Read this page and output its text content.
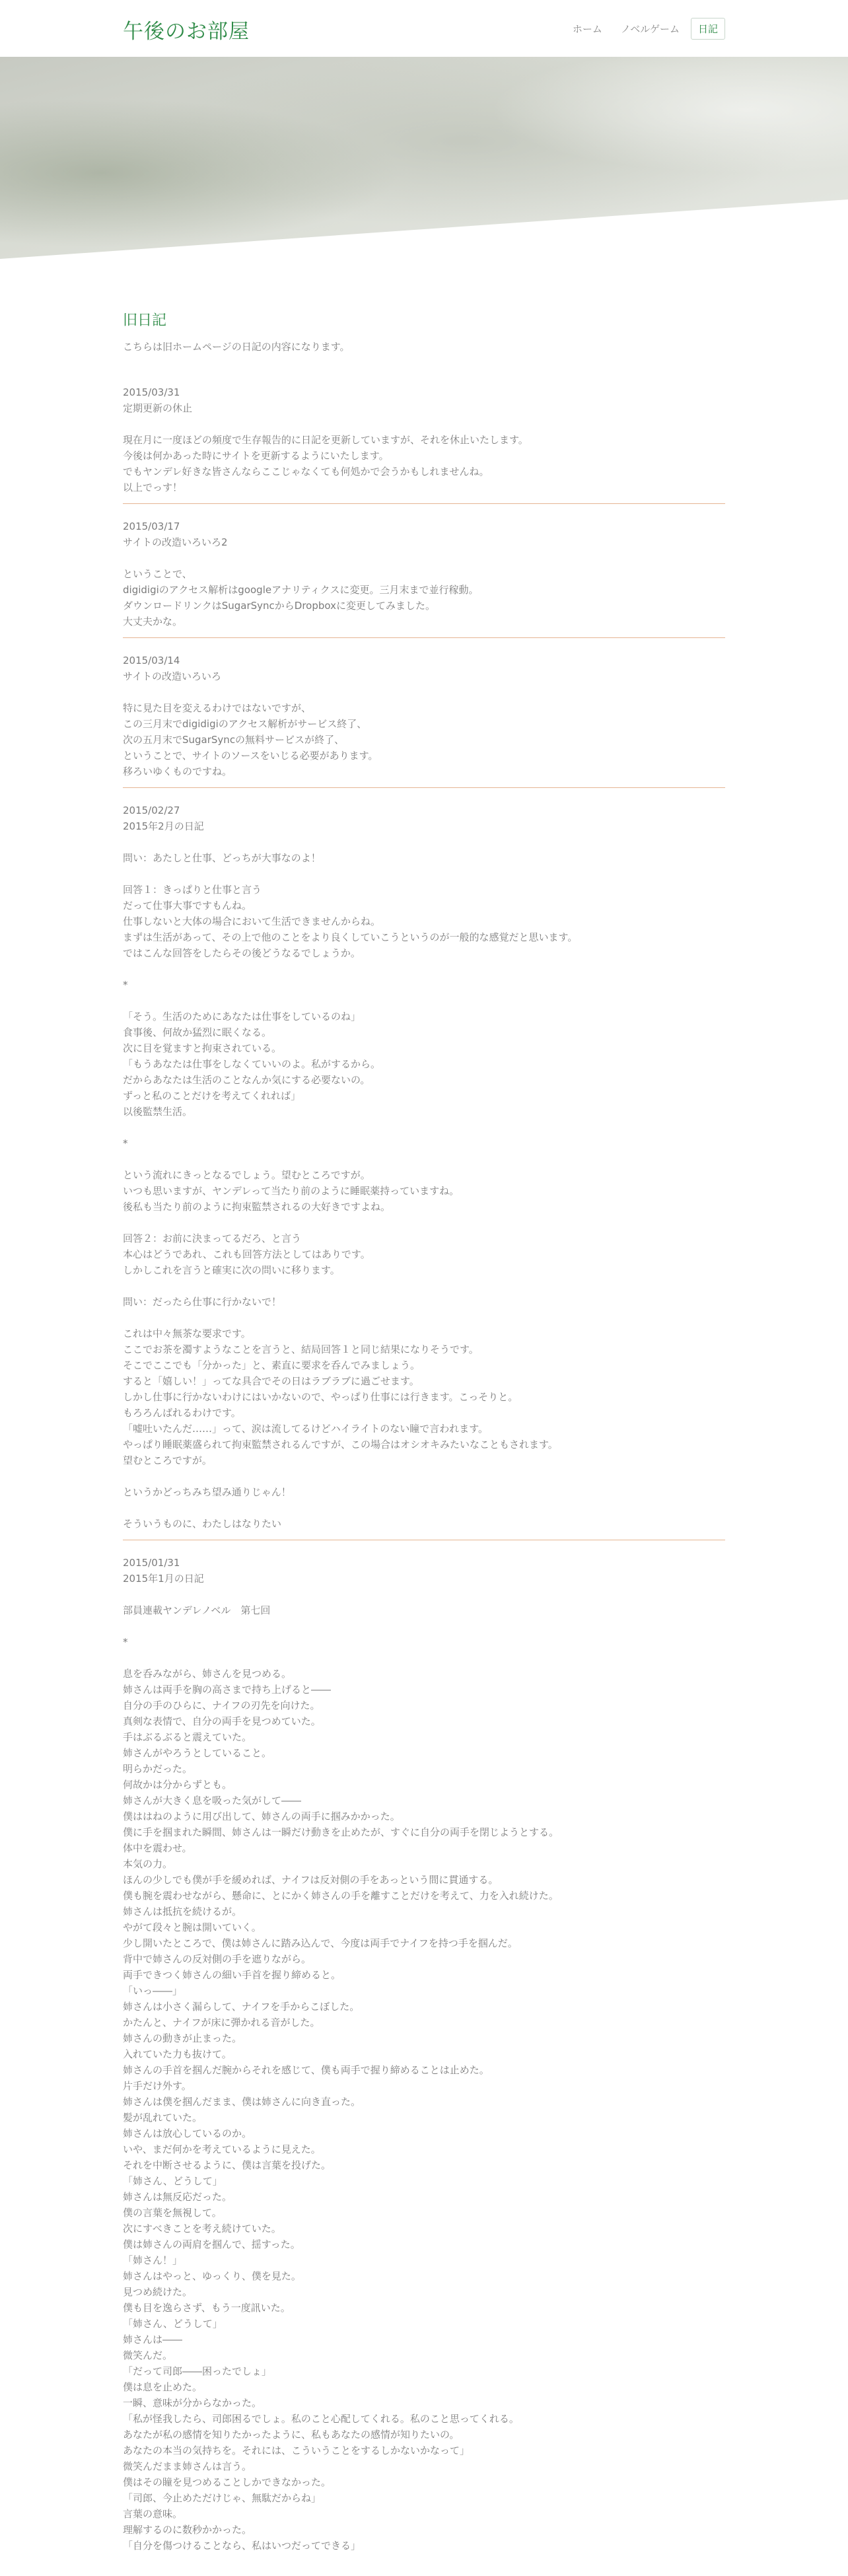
午後のお部屋	ホーム	ノベルゲーム	日記
旧日記

こちらは旧ホームページの日記の内容になります。

2015/03/31
定期更新の休止
現在月に一度ほどの頻度で生存報告的に日記を更新していますが、それを休止いたします。
今後は何かあった時にサイトを更新するようにいたします。
でもヤンデレ好きな皆さんならここじゃなくても何処かで会うかもしれませんね。
以上でっす！
2015/03/17
サイトの改造いろいろ2
ということで、
digidigiのアクセス解析はgoogleアナリティクスに変更。三月末まで並行稼動。
ダウンロードリンクはSugarSyncからDropboxに変更してみました。
大丈夫かな。
2015/03/14
サイトの改造いろいろ
特に見た目を変えるわけではないですが、
この三月末でdigidigiのアクセス解析がサービス終了、
次の五月末でSugarSyncの無料サービスが終了、
ということで、サイトのソースをいじる必要があります。
移ろいゆくものですね。
2015/02/27
2015年2月の日記
問い：あたしと仕事、どっちが大事なのよ！
回答１：きっぱりと仕事と言う
だって仕事大事ですもんね。
仕事しないと大体の場合において生活できませんからね。
まずは生活があって、その上で他のことをより良くしていこうというのが一般的な感覚だと思います。
ではこんな回答をしたらその後どうなるでしょうか。
*
「そう。生活のためにあなたは仕事をしているのね」
食事後、何故か猛烈に眠くなる。
次に目を覚ますと拘束されている。
「もうあなたは仕事をしなくていいのよ。私がするから。
だからあなたは生活のことなんか気にする必要ないの。
ずっと私のことだけを考えてくれれば」
以後監禁生活。
*
という流れにきっとなるでしょう。望むところですが。
いつも思いますが、ヤンデレって当たり前のように睡眠薬持っていますね。
後私も当たり前のように拘束監禁されるの大好きですよね。
回答２：お前に決まってるだろ、と言う
本心はどうであれ、これも回答方法としてはありです。
しかしこれを言うと確実に次の問いに移ります。
問い：だったら仕事に行かないで！
これは中々無茶な要求です。
ここでお茶を濁すようなことを言うと、結局回答１と同じ結果になりそうです。
そこでここでも「分かった」と、素直に要求を呑んでみましょう。
すると「嬉しい！」ってな具合でその日はラブラブに過ごせます。
しかし仕事に行かないわけにはいかないので、やっぱり仕事には行きます。こっそりと。
もろろんばれるわけです。
「嘘吐いたんだ……」って、涙は流してるけどハイライトのない瞳で言われます。
やっぱり睡眠薬盛られて拘束監禁されるんですが、この場合はオシオキみたいなこともされます。
望むところですが。
というかどっちみち望み通りじゃん！
そういうものに、わたしはなりたい
2015/01/31
2015年1月の日記
部員連載ヤンデレノベル　第七回
*
息を呑みながら、姉さんを見つめる。
姉さんは両手を胸の高さまで持ち上げると――
自分の手のひらに、ナイフの刃先を向けた。
真剣な表情で、自分の両手を見つめていた。
手はぶるぶると震えていた。
姉さんがやろうとしていること。
明らかだった。
何故かは分からずとも。
姉さんが大きく息を吸った気がして――
僕ははねのように用び出して、姉さんの両手に掴みかかった。
僕に手を掴まれた瞬間、姉さんは一瞬だけ動きを止めたが、すぐに自分の両手を閉じようとする。
体中を震わせ。
本気の力。
ほんの少しでも僕が手を緩めれば、ナイフは反対側の手をあっという間に貫通する。
僕も腕を震わせながら、懸命に、とにかく姉さんの手を離すことだけを考えて、力を入れ続けた。
姉さんは抵抗を続けるが。
やがて段々と腕は開いていく。
少し開いたところで、僕は姉さんに踏み込んで、今度は両手でナイフを持つ手を掴んだ。
背中で姉さんの反対側の手を遮りながら。
両手できつく姉さんの細い手首を握り締めると。
「いっ――」
姉さんは小さく漏らして、ナイフを手からこぼした。
かたんと、ナイフが床に弾かれる音がした。
姉さんの動きが止まった。
入れていた力も抜けて。
姉さんの手首を掴んだ腕からそれを感じて、僕も両手で握り締めることは止めた。
片手だけ外す。
姉さんは僕を掴んだまま、僕は姉さんに向き直った。
髪が乱れていた。
姉さんは放心しているのか。
いや、まだ何かを考えているように見えた。
それを中断させるように、僕は言葉を投げた。
「姉さん、どうして」
姉さんは無反応だった。
僕の言葉を無視して。
次にすべきことを考え続けていた。
僕は姉さんの両肩を掴んで、揺すった。
「姉さん！」
姉さんはやっと、ゆっくり、僕を見た。
見つめ続けた。
僕も目を逸らさず、もう一度訊いた。
「姉さん、どうして」
姉さんは――
微笑んだ。
「だって司郎――困ったでしょ」
僕は息を止めた。
一瞬、意味が分からなかった。
「私が怪我したら、司郎困るでしょ。私のこと心配してくれる。私のこと思ってくれる。
あなたが私の感情を知りたかったように、私もあなたの感情が知りたいの。
あなたの本当の気持ちを。それには、こういうことをするしかないかなって」
微笑んだまま姉さんは言う。
僕はその瞳を見つめることしかできなかった。
「司郎、今止めただけじゃ、無駄だからね」
言葉の意味。
理解するのに数秒かかった。
「自分を傷つけることなら、私はいつだってできる」
